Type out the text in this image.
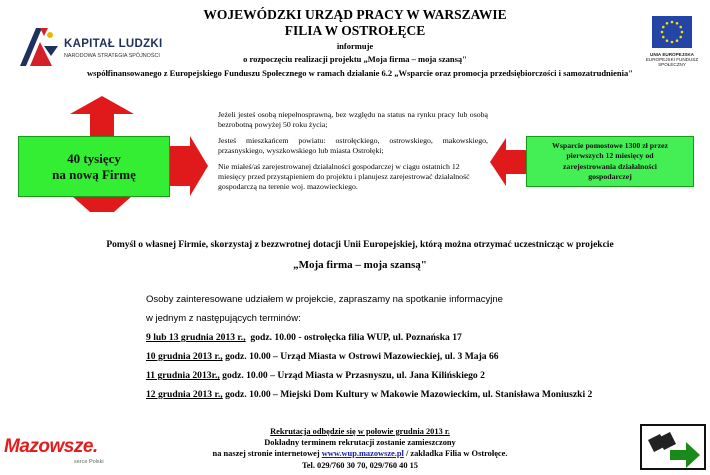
KAPITAŁ LUDZKI
NARODOWA STRATEGIA SPÓJNOŚCI	UNIA EUROPEJSKA
EUROPEJSKI FUNDUSZ
SPOŁECZNY
WOJEWÓDZKI URZĄD PRACY W WARSZAWIE
FILIA W OSTROŁĘCE
informuje
o rozpoczęciu realizacji projektu „Moja firma – moja szansą"
współfinansowanego z Europejskiego Funduszu Społecznego w ramach działanie 6.2 „Wsparcie oraz promocja przedsiębiorczości i samozatrudnienia"

Jeżeli jesteś osobą niepełnosprawną, bez względu na status na rynku pracy lub osobą bezrobotną powyżej 50 roku życia;

Jesteś mieszkańcem powiatu: ostrołęckiego, ostrowskiego, makowskiego, przasnyskiego, wyszkowskiego lub miasta Ostrołęki;

Nie miałeś/aś zarejestrowanej działalności gospodarczej w ciągu ostatnich 12 miesięcy przed przystąpieniem do projektu i planujesz zarejestrować działalność gospodarczą na terenie woj. mazowieckiego.

40 tysięcy
na nową Firmę
Wsparcie pomostowe 1300 zł przez
pierwszych 12 miesięcy od
zarejestrowania działalności
gospodarczej
Pomyśl o własnej Firmie, skorzystaj z bezzwrotnej dotacji Unii Europejskiej, którą można otrzymać uczestnicząc w projekcie
„Moja firma – moja szansą"
Osoby zainteresowane udziałem w projekcie, zapraszamy na spotkanie informacyjne
w jednym z następujących terminów:
9 lub 13 grudnia 2013 r.,  godz. 10.00 - ostrołęcka filia WUP, ul. Poznańska 17
10 grudnia 2013 r., godz. 10.00 – Urząd Miasta w Ostrowi Mazowieckiej, ul. 3 Maja 66
11 grudnia 2013r., godz. 10.00 – Urząd Miasta w Przasnyszu, ul. Jana Kilińskiego 2
12 grudnia 2013 r., godz. 10.00 – Miejski Dom Kultury w Makowie Mazowieckim, ul. Stanisława Moniuszki 2
Rekrutacja odbędzie się w połowie grudnia 2013 r.
Dokładny terminem rekrutacji zostanie zamieszczony
na naszej stronie internetowej www.wup.mazowsze.pl / zakładka Filia w Ostrołęce.
Tel. 029/760 30 70, 029/760 40 15
Mazowsze.
serce Polski
